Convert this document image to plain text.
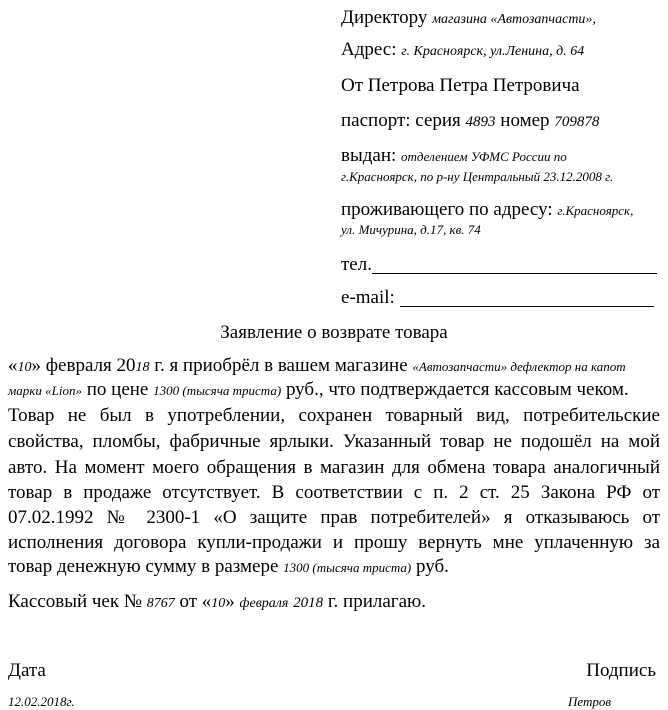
Директору магазина «Автозапчасти»,
Адрес: г. Красноярск, ул.Ленина, д. 64
От Петрова Петра Петровича
паспорт: серия 4893 номер 709878
выдан: отделением УФМС России по
г.Красноярск, по р-ну Центральный 23.12.2008 г.
проживающего по адресу: г.Красноярск,
ул. Мичурина, д.17, кв. 74
тел.
e-mail:
Заявление о возврате товара
«10» февраля 2018 г. я приобрёл в вашем магазине «Автозапчасти» дефлектор на капот
марки «Lion» по цене 1300 (тысяча триста) руб., что подтверждается кассовым чеком.
Товар не был в употреблении, сохранен товарный вид, потребительские
свойства, пломбы, фабричные ярлыки. Указанный товар не подошёл на мой
авто. На момент моего обращения в магазин для обмена товара аналогичный
товар в продаже отсутствует. В соответствии с п. 2 ст. 25 Закона РФ от
07.02.1992 № 2300-1 «О защите прав потребителей» я отказываюсь от
исполнения договора купли-продажи и прошу вернуть мне уплаченную за
товар денежную сумму в размере 1300 (тысяча триста) руб.
Кассовый чек № 8767 от «10» февраля 2018 г. прилагаю.
Дата	Подпись
12.02.2018г.	Петров
